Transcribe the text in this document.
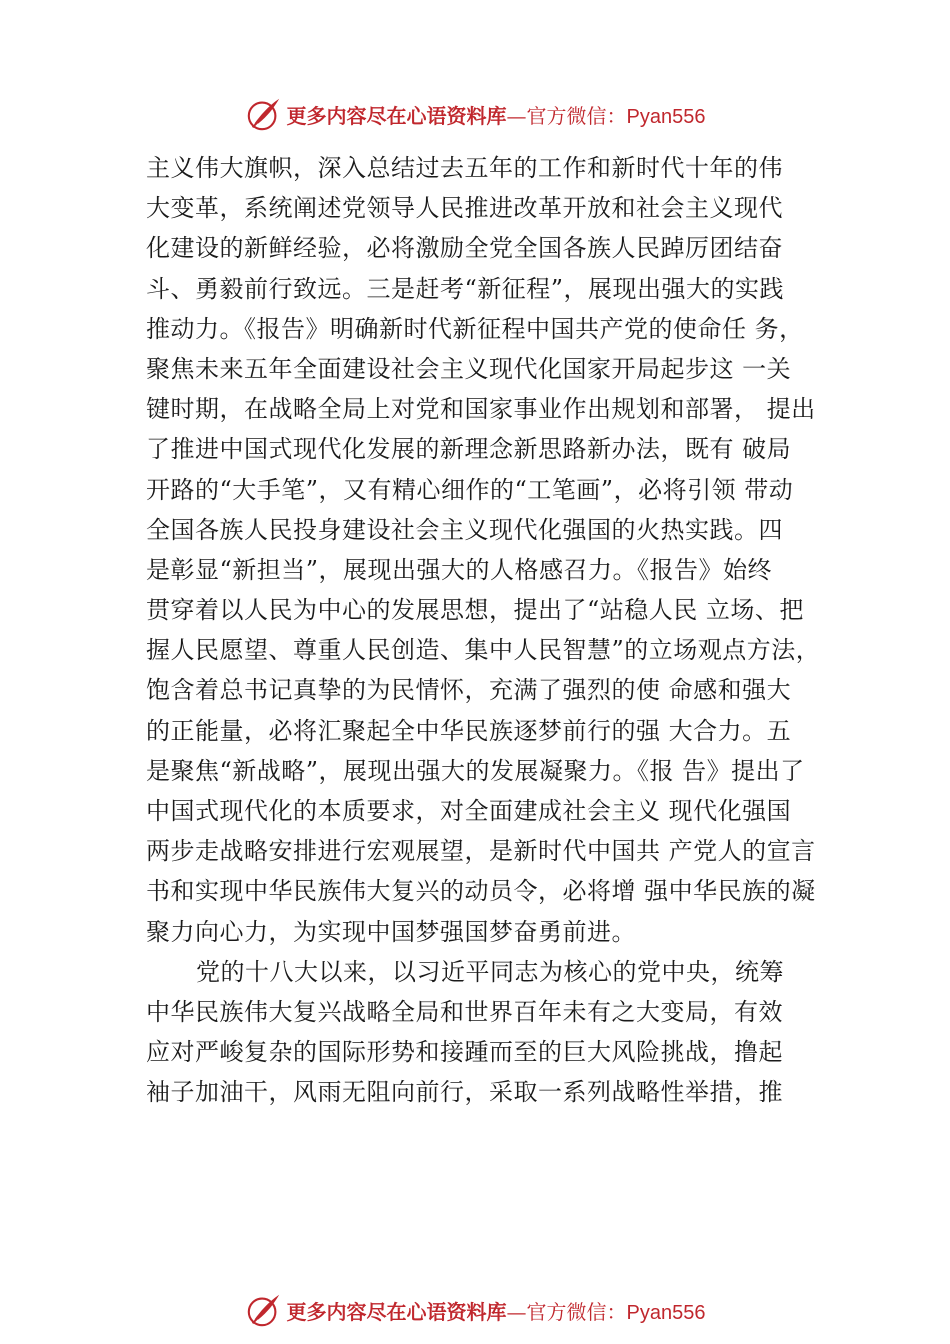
更多内容尽在心语资料库—官方微信：Pyan556
主义伟大旗帜，深入总结过去五年的工作和新时代十年的伟
大变革，系统阐述党领导人民推进改革开放和社会主义现代
化建设的新鲜经验，必将激励全党全国各族人民踔厉团结奋
斗、勇毅前行致远。三是赶考“新征程”，展现出强大的实践
推动力。《报告》明确新时代新征程中国共产党的使命任 务，
聚焦未来五年全面建设社会主义现代化国家开局起步这 一关
键时期，在战略全局上对党和国家事业作出规划和部署， 提出
了推进中国式现代化发展的新理念新思路新办法，既有 破局
开路的“大手笔”，又有精心细作的“工笔画”，必将引领 带动
全国各族人民投身建设社会主义现代化强国的火热实践。四
是彰显“新担当”，展现出强大的人格感召力。《报告》始终
贯穿着以人民为中心的发展思想，提出了“站稳人民 立场、把
握人民愿望、尊重人民创造、集中人民智慧”的立场观点方法，
饱含着总书记真挚的为民情怀，充满了强烈的使 命感和强大
的正能量，必将汇聚起全中华民族逐梦前行的强 大合力。五
是聚焦“新战略”，展现出强大的发展凝聚力。《报 告》提出了
中国式现代化的本质要求，对全面建成社会主义 现代化强国
两步走战略安排进行宏观展望，是新时代中国共 产党人的宣言
书和实现中华民族伟大复兴的动员令，必将增 强中华民族的凝
聚力向心力，为实现中国梦强国梦奋勇前进。
党的十八大以来，以习近平同志为核心的党中央，统筹
中华民族伟大复兴战略全局和世界百年未有之大变局，有效
应对严峻复杂的国际形势和接踵而至的巨大风险挑战，撸起
袖子加油干，风雨无阻向前行，采取一系列战略性举措，推
更多内容尽在心语资料库—官方微信：Pyan556
